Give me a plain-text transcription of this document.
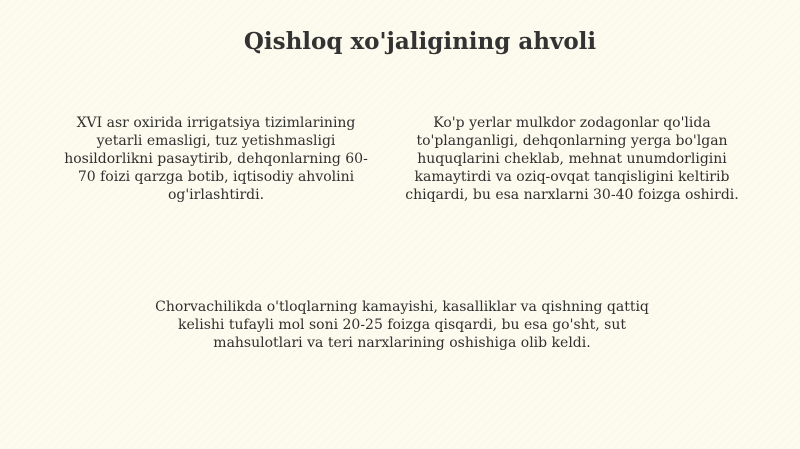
Qishloq xo'jaligining ahvoli

XVI asr oxirida irrigatsiya tizimlarining yetarli emasligi, tuz yetishmasligi hosildorlikni pasaytirib, dehqonlarning 60-70 foizi qarzga botib, iqtisodiy ahvolini og'irlashtirdi.

Ko'p yerlar mulkdor zodagonlar qo'lida to'planganligi, dehqonlarning yerga bo'lgan huquqlarini cheklab, mehnat unumdorligini kamaytirdi va oziq-ovqat tanqisligini keltirib chiqardi, bu esa narxlarni 30-40 foizga oshirdi.

Chorvachilikda o'tloqlarning kamayishi, kasalliklar va qishning qattiq kelishi tufayli mol soni 20-25 foizga qisqardi, bu esa go'sht, sut mahsulotlari va teri narxlarining oshishiga olib keldi.
